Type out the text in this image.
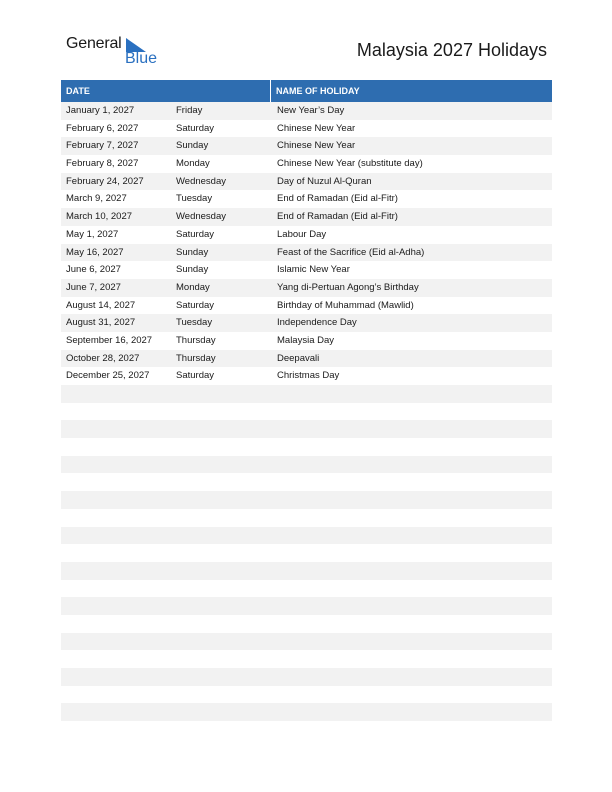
General
Blue	Malaysia 2027 Holidays
DATE	NAME OF HOLIDAY
January 1, 2027	Friday	New Year’s Day
February 6, 2027	Saturday	Chinese New Year
February 7, 2027	Sunday	Chinese New Year
February 8, 2027	Monday	Chinese New Year (substitute day)
February 24, 2027	Wednesday	Day of Nuzul Al-Quran
March 9, 2027	Tuesday	End of Ramadan (Eid al-Fitr)
March 10, 2027	Wednesday	End of Ramadan (Eid al-Fitr)
May 1, 2027	Saturday	Labour Day
May 16, 2027	Sunday	Feast of the Sacrifice (Eid al-Adha)
June 6, 2027	Sunday	Islamic New Year
June 7, 2027	Monday	Yang di-Pertuan Agong’s Birthday
August 14, 2027	Saturday	Birthday of Muhammad (Mawlid)
August 31, 2027	Tuesday	Independence Day
September 16, 2027	Thursday	Malaysia Day
October 28, 2027	Thursday	Deepavali
December 25, 2027	Saturday	Christmas Day
